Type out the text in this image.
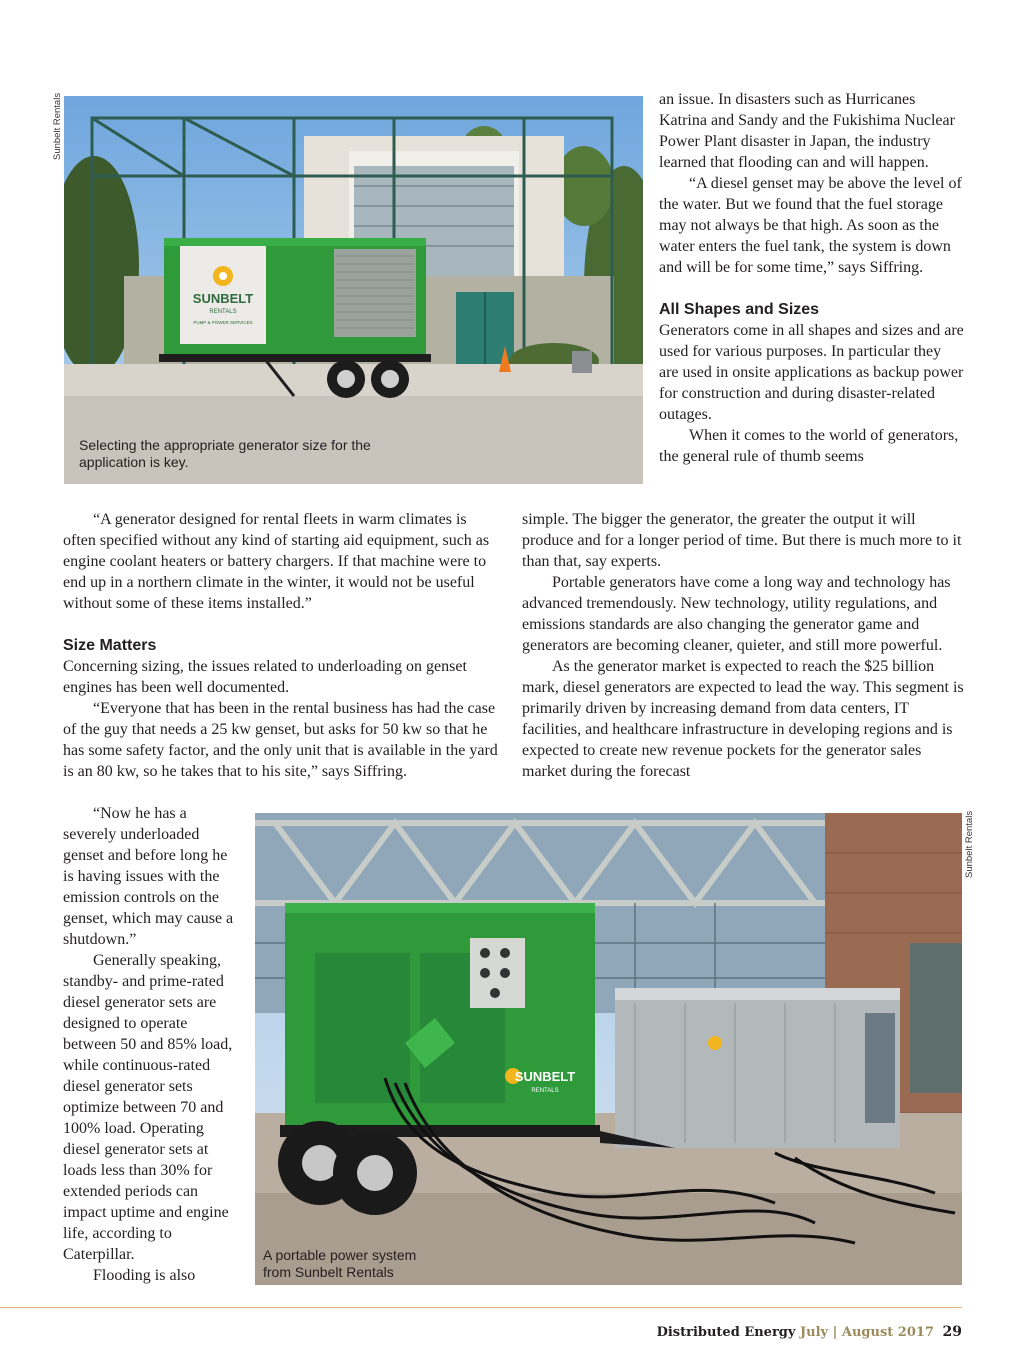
Sunbelt Rentals
SUNBELT
RENTALS
PUMP & POWER SERVICES
Selecting the appropriate generator size for the application is key.

an issue. In disasters such as Hurricanes Katrina and Sandy and the Fukishima Nuclear Power Plant disaster in Japan, the industry learned that flooding can and will happen.

“A diesel genset may be above the level of the water. But we found that the fuel storage may not always be that high. As soon as the water enters the fuel tank, the system is down and will be for some time,” says Siffring.

All Shapes and Sizes

Generators come in all shapes and sizes and are used for various purposes. In particular they are used in onsite applications as backup power for construction and during disaster-related outages.

When it comes to the world of generators, the general rule of thumb seems

simple. The bigger the generator, the greater the output it will produce and for a longer period of time. But there is much more to it than that, say experts.

Portable generators have come a long way and technology has advanced tremendously. New technology, utility regulations, and emissions standards are also changing the generator game and generators are becoming cleaner, quieter, and still more powerful.

As the generator market is expected to reach the $25 billion mark, diesel generators are expected to lead the way. This segment is primarily driven by increasing demand from data centers, IT facilities, and healthcare infrastructure in developing regions and is expected to create new revenue pockets for the generator sales market during the forecast

“A generator designed for rental fleets in warm climates is often specified without any kind of starting aid equipment, such as engine coolant heaters or battery chargers. If that machine were to end up in a northern climate in the winter, it would not be useful without some of these items installed.”

Size Matters

Concerning sizing, the issues related to underloading on genset engines has been well documented.

“Everyone that has been in the rental business has had the case of the guy that needs a 25 kw genset, but asks for 50 kw so that he has some safety factor, and the only unit that is available in the yard is an 80 kw, so he takes that to his site,” says Siffring.

“Now he has a severely underloaded genset and before long he is having issues with the emission controls on the genset, which may cause a shutdown.”

Generally speaking, standby- and prime-rated diesel generator sets are designed to operate between 50 and 85% load, while continuous-rated diesel generator sets optimize between 70 and 100% load. Operating diesel generator sets at loads less than 30% for extended periods can impact uptime and engine life, according to Caterpillar.

Flooding is also

SUNBELT
RENTALS
A portable power system from Sunbelt Rentals
Sunbelt Rentals
Distributed Energy July | August 2017 29
